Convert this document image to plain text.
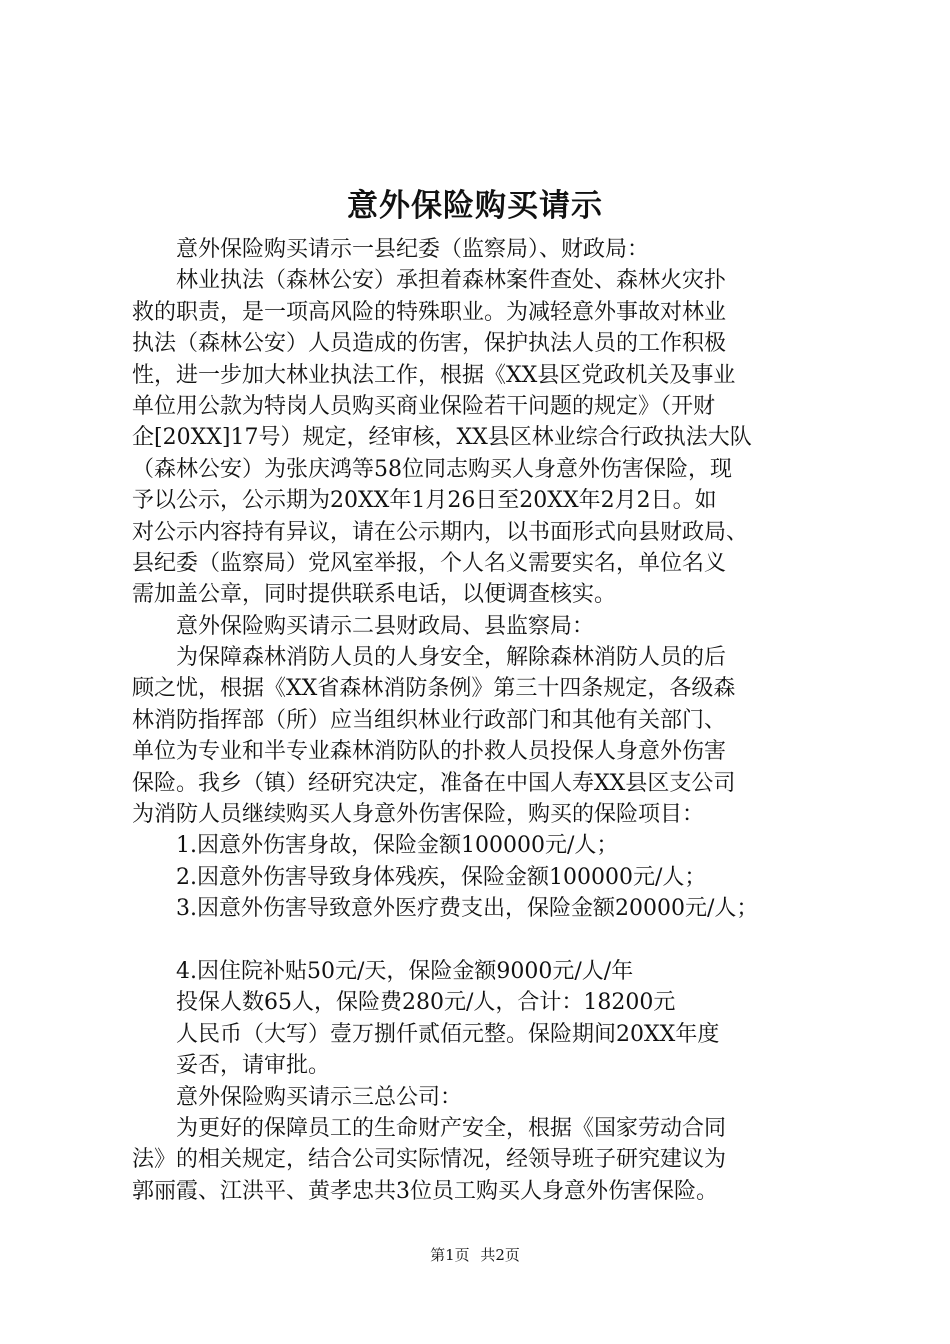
意外保险购买请示
意外保险购买请示一县纪委（监察局）、财政局：
林业执法（森林公安）承担着森林案件查处、森林火灾扑
救的职责，是一项高风险的特殊职业。为减轻意外事故对林业
执法（森林公安）人员造成的伤害，保护执法人员的工作积极
性，进一步加大林业执法工作，根据《XX县区党政机关及事业
单位用公款为特岗人员购买商业保险若干问题的规定》（开财
企[20XX]17号）规定，经审核，XX县区林业综合行政执法大队
（森林公安）为张庆鸿等58位同志购买人身意外伤害保险，现
予以公示，公示期为20XX年1月26日至20XX年2月2日。如
对公示内容持有异议，请在公示期内，以书面形式向县财政局、
县纪委（监察局）党风室举报，个人名义需要实名，单位名义
需加盖公章，同时提供联系电话，以便调查核实。
意外保险购买请示二县财政局、县监察局：
为保障森林消防人员的人身安全，解除森林消防人员的后
顾之忧，根据《XX省森林消防条例》第三十四条规定，各级森
林消防指挥部（所）应当组织林业行政部门和其他有关部门、
单位为专业和半专业森林消防队的扑救人员投保人身意外伤害
保险。我乡（镇）经研究决定，准备在中国人寿XX县区支公司
为消防人员继续购买人身意外伤害保险，购买的保险项目：
1.因意外伤害身故，保险金额100000元/人；
2.因意外伤害导致身体残疾，保险金额100000元/人；
3.因意外伤害导致意外医疗费支出，保险金额20000元/人；
4.因住院补贴50元/天，保险金额9000元/人/年
投保人数65人，保险费280元/人，合计：18200元
人民币（大写）壹万捌仟贰佰元整。保险期间20XX年度
妥否，请审批。
意外保险购买请示三总公司：
为更好的保障员工的生命财产安全，根据《国家劳动合同
法》的相关规定，结合公司实际情况，经领导班子研究建议为
郭丽霞、江洪平、黄孝忠共3位员工购买人身意外伤害保险。
第1页 共2页
